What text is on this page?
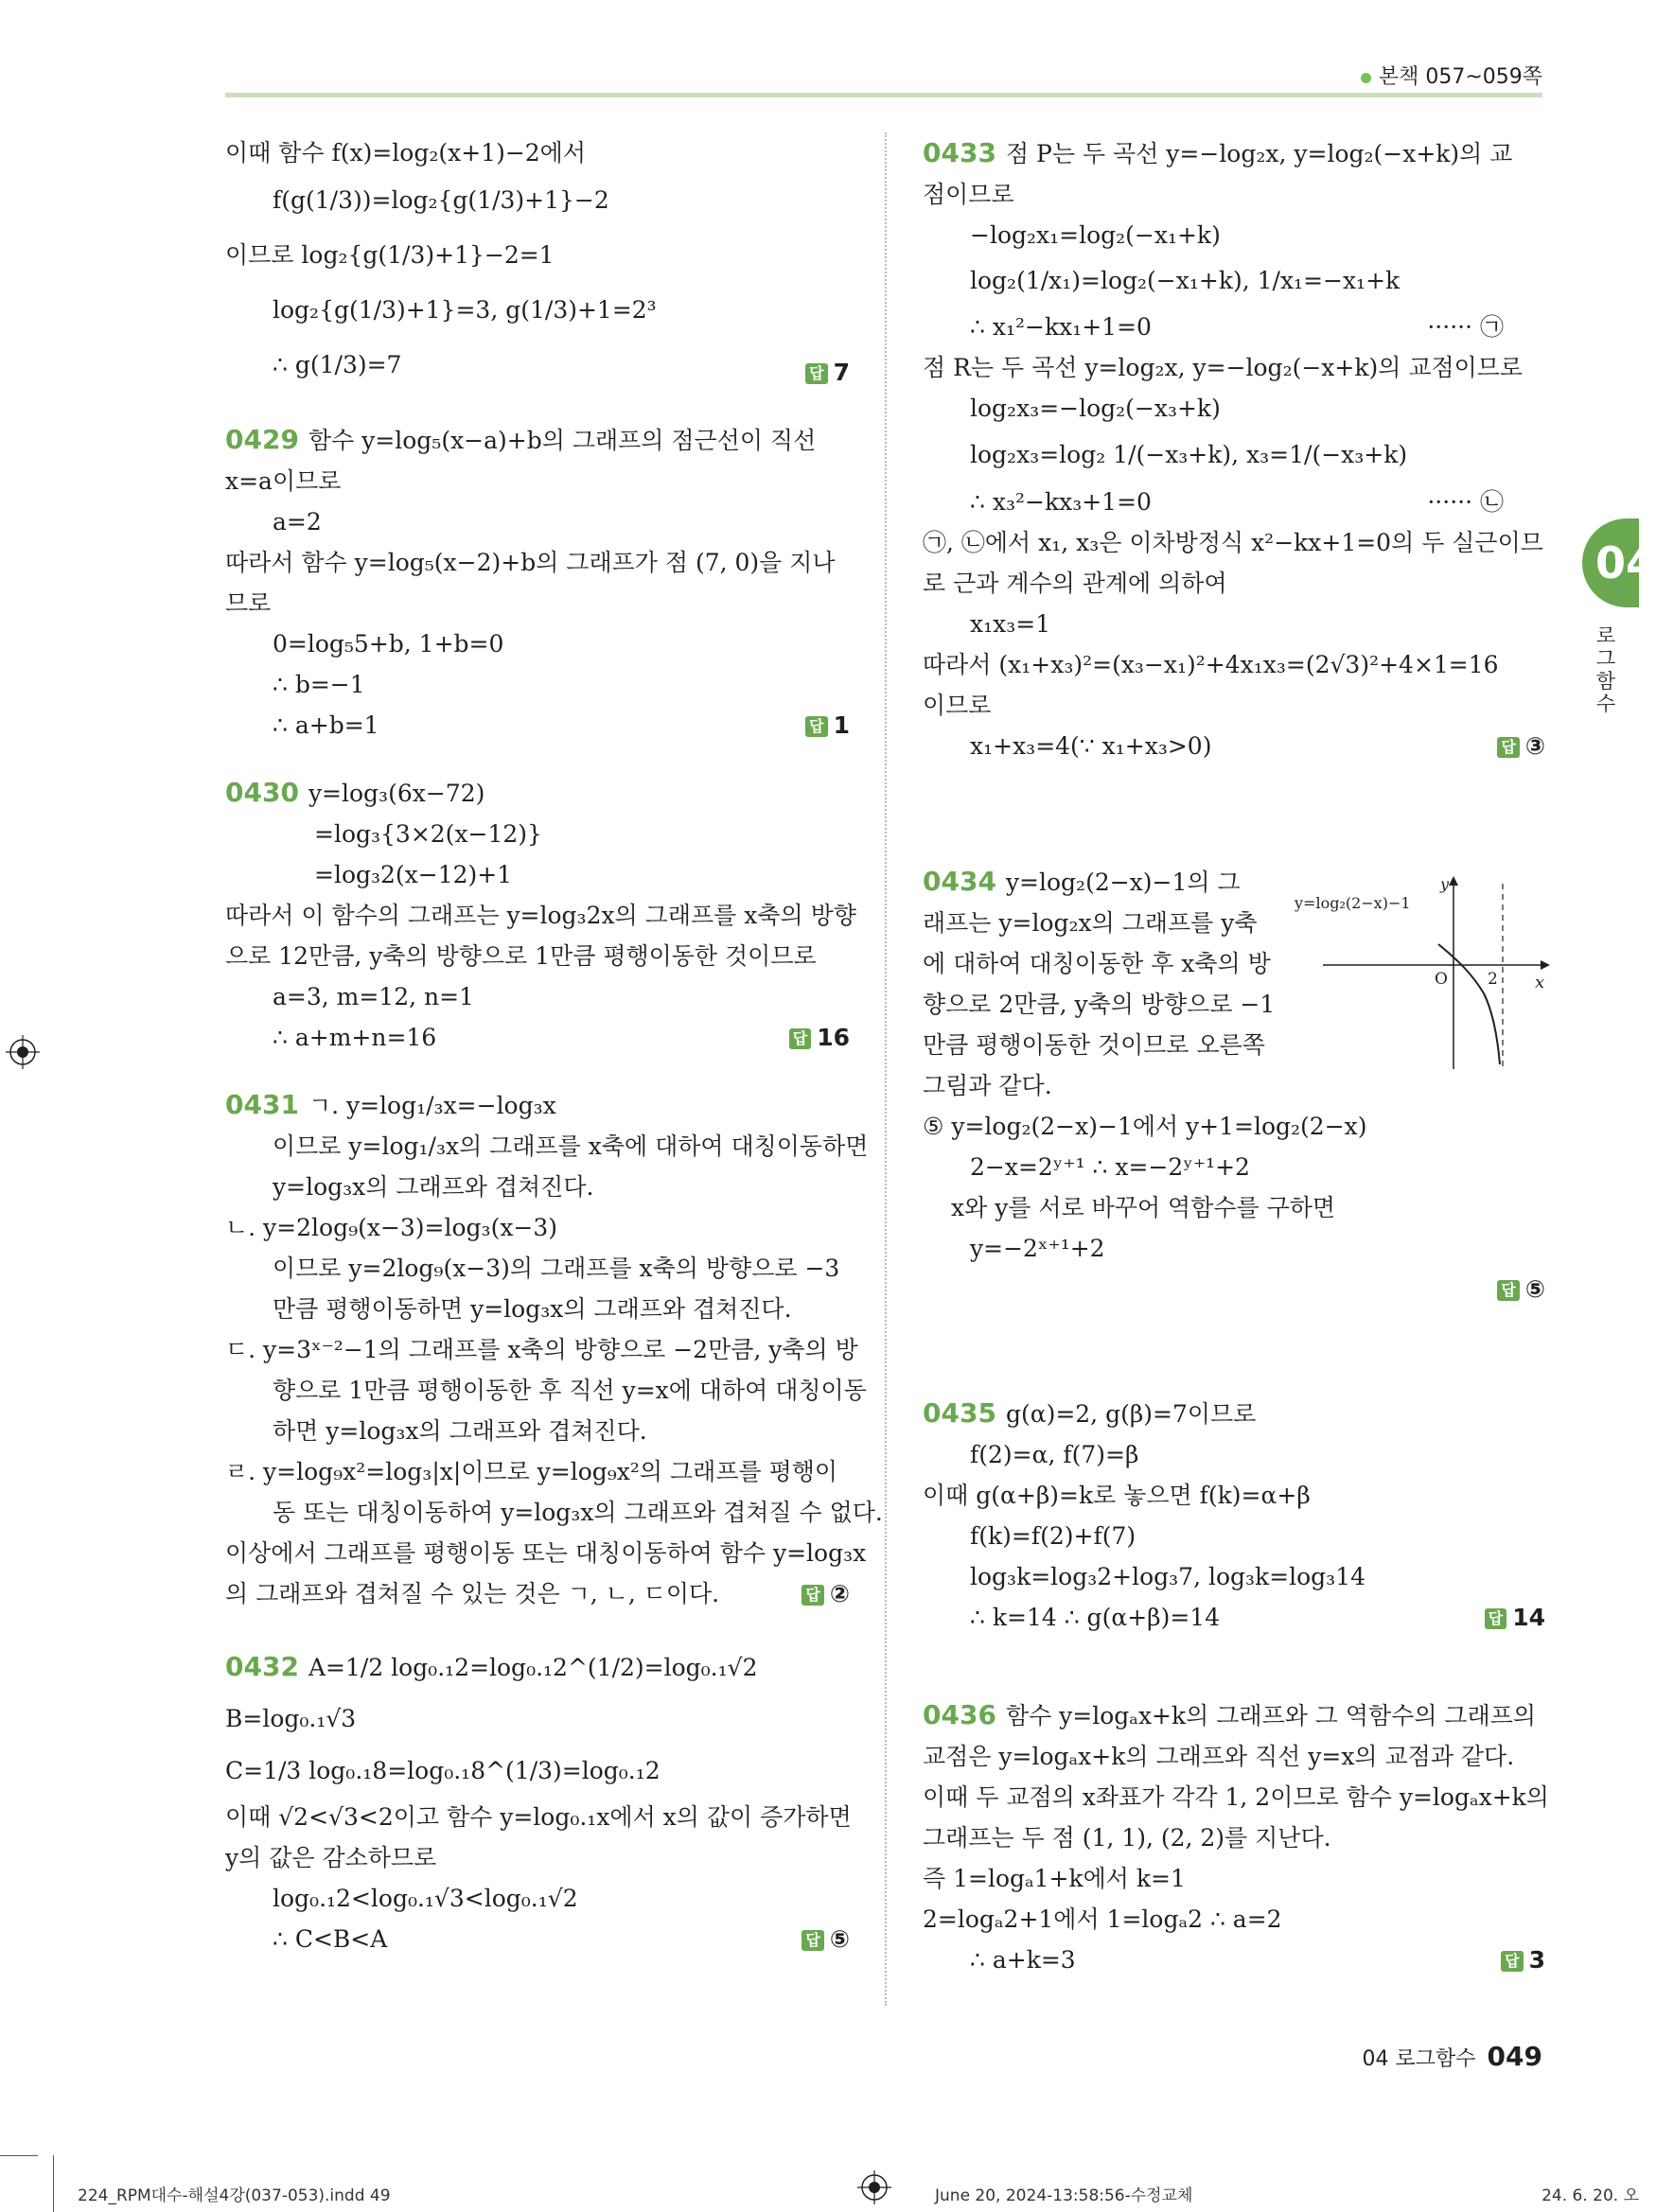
본책 057~059쪽
04
로그함수
이때 함수 f(x)=log₂(x+1)−2에서
f(g(1/3))=log₂{g(1/3)+1}−2
이므로 log₂{g(1/3)+1}−2=1
log₂{g(1/3)+1}=3, g(1/3)+1=2³
∴ g(1/3)=7	답 7
0429 함수 y=log₅(x−a)+b의 그래프의 점근선이 직선
x=a이므로
a=2
따라서 함수 y=log₅(x−2)+b의 그래프가 점 (7, 0)을 지나
므로
0=log₅5+b, 1+b=0
∴ b=−1
∴ a+b=1	답 1
0430 y=log₃(6x−72)
=log₃{3×2(x−12)}
=log₃2(x−12)+1
따라서 이 함수의 그래프는 y=log₃2x의 그래프를 x축의 방향
으로 12만큼, y축의 방향으로 1만큼 평행이동한 것이므로
a=3, m=12, n=1
∴ a+m+n=16	답 16
0431 ㄱ. y=log₁/₃x=−log₃x
이므로 y=log₁/₃x의 그래프를 x축에 대하여 대칭이동하면
y=log₃x의 그래프와 겹쳐진다.
ㄴ. y=2log₉(x−3)=log₃(x−3)
이므로 y=2log₉(x−3)의 그래프를 x축의 방향으로 −3
만큼 평행이동하면 y=log₃x의 그래프와 겹쳐진다.
ㄷ. y=3ˣ⁻²−1의 그래프를 x축의 방향으로 −2만큼, y축의 방
향으로 1만큼 평행이동한 후 직선 y=x에 대하여 대칭이동
하면 y=log₃x의 그래프와 겹쳐진다.
ㄹ. y=log₉x²=log₃|x|이므로 y=log₉x²의 그래프를 평행이
동 또는 대칭이동하여 y=log₃x의 그래프와 겹쳐질 수 없다.
이상에서 그래프를 평행이동 또는 대칭이동하여 함수 y=log₃x
의 그래프와 겹쳐질 수 있는 것은 ㄱ, ㄴ, ㄷ이다.	답 ②
0432 A=1/2 log₀.₁2=log₀.₁2^(1/2)=log₀.₁√2
B=log₀.₁√3
C=1/3 log₀.₁8=log₀.₁8^(1/3)=log₀.₁2
이때 √2<√3<2이고 함수 y=log₀.₁x에서 x의 값이 증가하면
y의 값은 감소하므로
log₀.₁2<log₀.₁√3<log₀.₁√2
∴ C<B<A	답 ⑤
0433 점 P는 두 곡선 y=−log₂x, y=log₂(−x+k)의 교
점이므로
−log₂x₁=log₂(−x₁+k)
log₂(1/x₁)=log₂(−x₁+k), 1/x₁=−x₁+k
∴ x₁²−kx₁+1=0	······ ㉠
점 R는 두 곡선 y=log₂x, y=−log₂(−x+k)의 교점이므로
log₂x₃=−log₂(−x₃+k)
log₂x₃=log₂ 1/(−x₃+k), x₃=1/(−x₃+k)
∴ x₃²−kx₃+1=0	······ ㉡
㉠, ㉡에서 x₁, x₃은 이차방정식 x²−kx+1=0의 두 실근이므
로 근과 계수의 관계에 의하여
x₁x₃=1
따라서 (x₁+x₃)²=(x₃−x₁)²+4x₁x₃=(2√3)²+4×1=16
이므로
x₁+x₃=4(∵ x₁+x₃>0)	답 ③
0434 y=log₂(2−x)−1의 그
래프는 y=log₂x의 그래프를 y축
에 대하여 대칭이동한 후 x축의 방
향으로 2만큼, y축의 방향으로 −1
만큼 평행이동한 것이므로 오른쪽
그림과 같다.
⑤ y=log₂(2−x)−1에서 y+1=log₂(2−x)
2−x=2ʸ⁺¹ ∴ x=−2ʸ⁺¹+2
x와 y를 서로 바꾸어 역함수를 구하면
y=−2ˣ⁺¹+2

답 ⑤
0435 g(α)=2, g(β)=7이므로
f(2)=α, f(7)=β
이때 g(α+β)=k로 놓으면 f(k)=α+β
f(k)=f(2)+f(7)
log₃k=log₃2+log₃7, log₃k=log₃14
∴ k=14 ∴ g(α+β)=14	답 14
0436 함수 y=logₐx+k의 그래프와 그 역함수의 그래프의
교점은 y=logₐx+k의 그래프와 직선 y=x의 교점과 같다.
이때 두 교점의 x좌표가 각각 1, 2이므로 함수 y=logₐx+k의
그래프는 두 점 (1, 1), (2, 2)를 지난다.
즉 1=logₐ1+k에서 k=1
2=logₐ2+1에서 1=logₐ2 ∴ a=2
∴ a+k=3	답 3
y=log₂(2−x)−1
y
x
O 2
04 로그함수 049
224_RPM대수-해설4강(037-053).indd 49	June 20, 2024-13:58:56-수정교체	24. 6. 20. 오
